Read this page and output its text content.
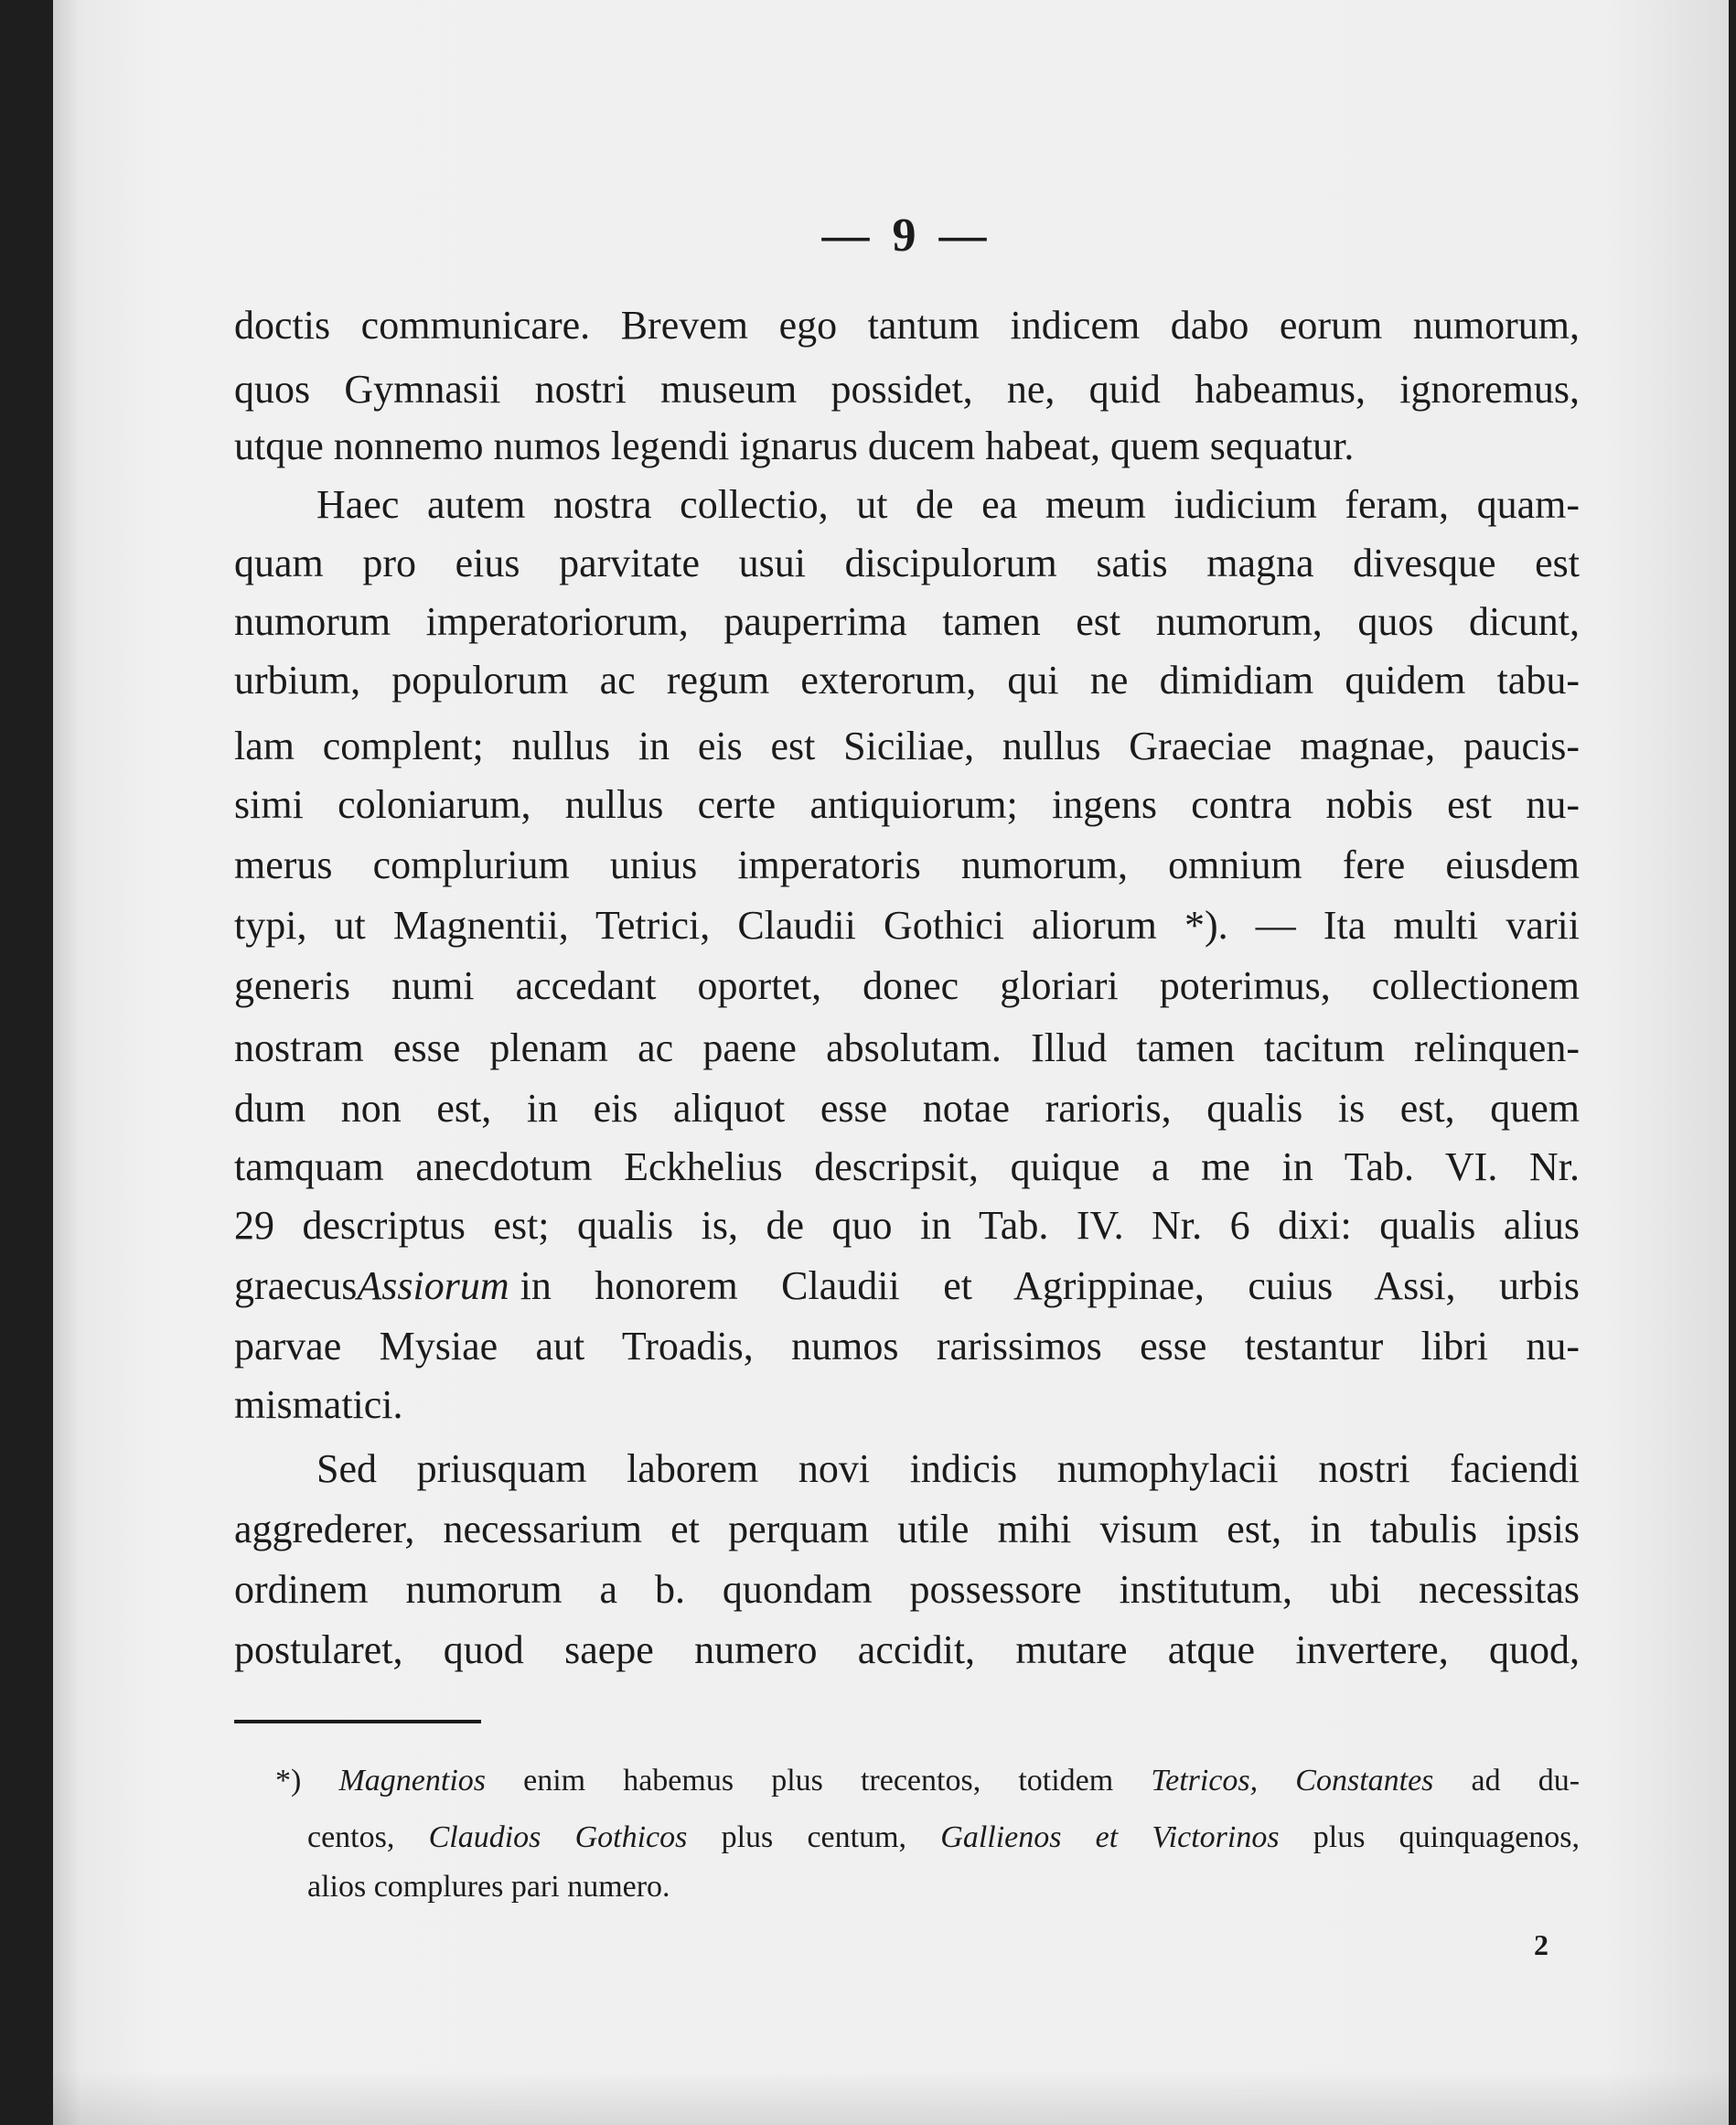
— 9 —
doctis communicare. Brevem ego tantum indicem dabo eorum numorum,
quos Gymnasii nostri museum possidet, ne, quid habeamus, ignoremus,
utque nonnemo numos legendi ignarus ducem habeat, quem sequatur.
Haec autem nostra collectio, ut de ea meum iudicium feram, quam-
quam pro eius parvitate usui discipulorum satis magna divesque est
numorum imperatoriorum, pauperrima tamen est numorum, quos dicunt,
urbium, populorum ac regum exterorum, qui ne dimidiam quidem tabu-
lam complent; nullus in eis est Siciliae, nullus Graeciae magnae, paucis-
simi coloniarum, nullus certe antiquiorum; ingens contra nobis est nu-
merus complurium unius imperatoris numorum, omnium fere eiusdem
typi, ut Magnentii, Tetrici, Claudii Gothici aliorum *). — Ita multi varii
generis numi accedant oportet, donec gloriari poterimus, collectionem
nostram esse plenam ac paene absolutam. Illud tamen tacitum relinquen-
dum non est, in eis aliquot esse notae rarioris, qualis is est, quem
tamquam anecdotum Eckhelius descripsit, quique a me in Tab. VI. Nr.
29 descriptus est; qualis is, de quo in Tab. IV. Nr. 6 dixi: qualis alius
graecus Assiorum in honorem Claudii et Agrippinae, cuius Assi, urbis
parvae Mysiae aut Troadis, numos rarissimos esse testantur libri nu-
mismatici.
Sed priusquam laborem novi indicis numophylacii nostri faciendi
aggrederer, necessarium et perquam utile mihi visum est, in tabulis ipsis
ordinem numorum a b. quondam possessore institutum, ubi necessitas
postularet, quod saepe numero accidit, mutare atque invertere, quod,
*) Magnentios enim habemus plus trecentos, totidem Tetricos, Constantes ad du-
centos, Claudios Gothicos plus centum, Gallienos et Victorinos plus quinquagenos,
alios complures pari numero.
2
